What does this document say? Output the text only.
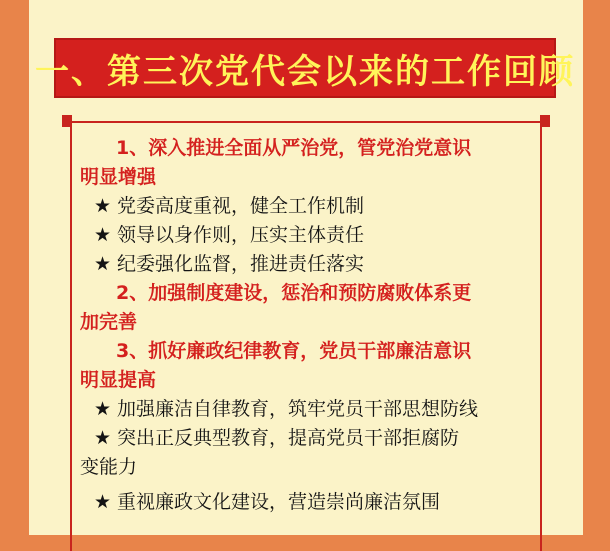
一、第三次党代会以来的工作回顾
1、深入推进全面从严治党，管党治党意识
明显增强
★ 党委高度重视，健全工作机制
★ 领导以身作则，压实主体责任
★ 纪委强化监督，推进责任落实
2、加强制度建设，惩治和预防腐败体系更
加完善
3、抓好廉政纪律教育，党员干部廉洁意识
明显提高
★ 加强廉洁自律教育，筑牢党员干部思想防线
★ 突出正反典型教育，提高党员干部拒腐防
变能力
★ 重视廉政文化建设，营造崇尚廉洁氛围
